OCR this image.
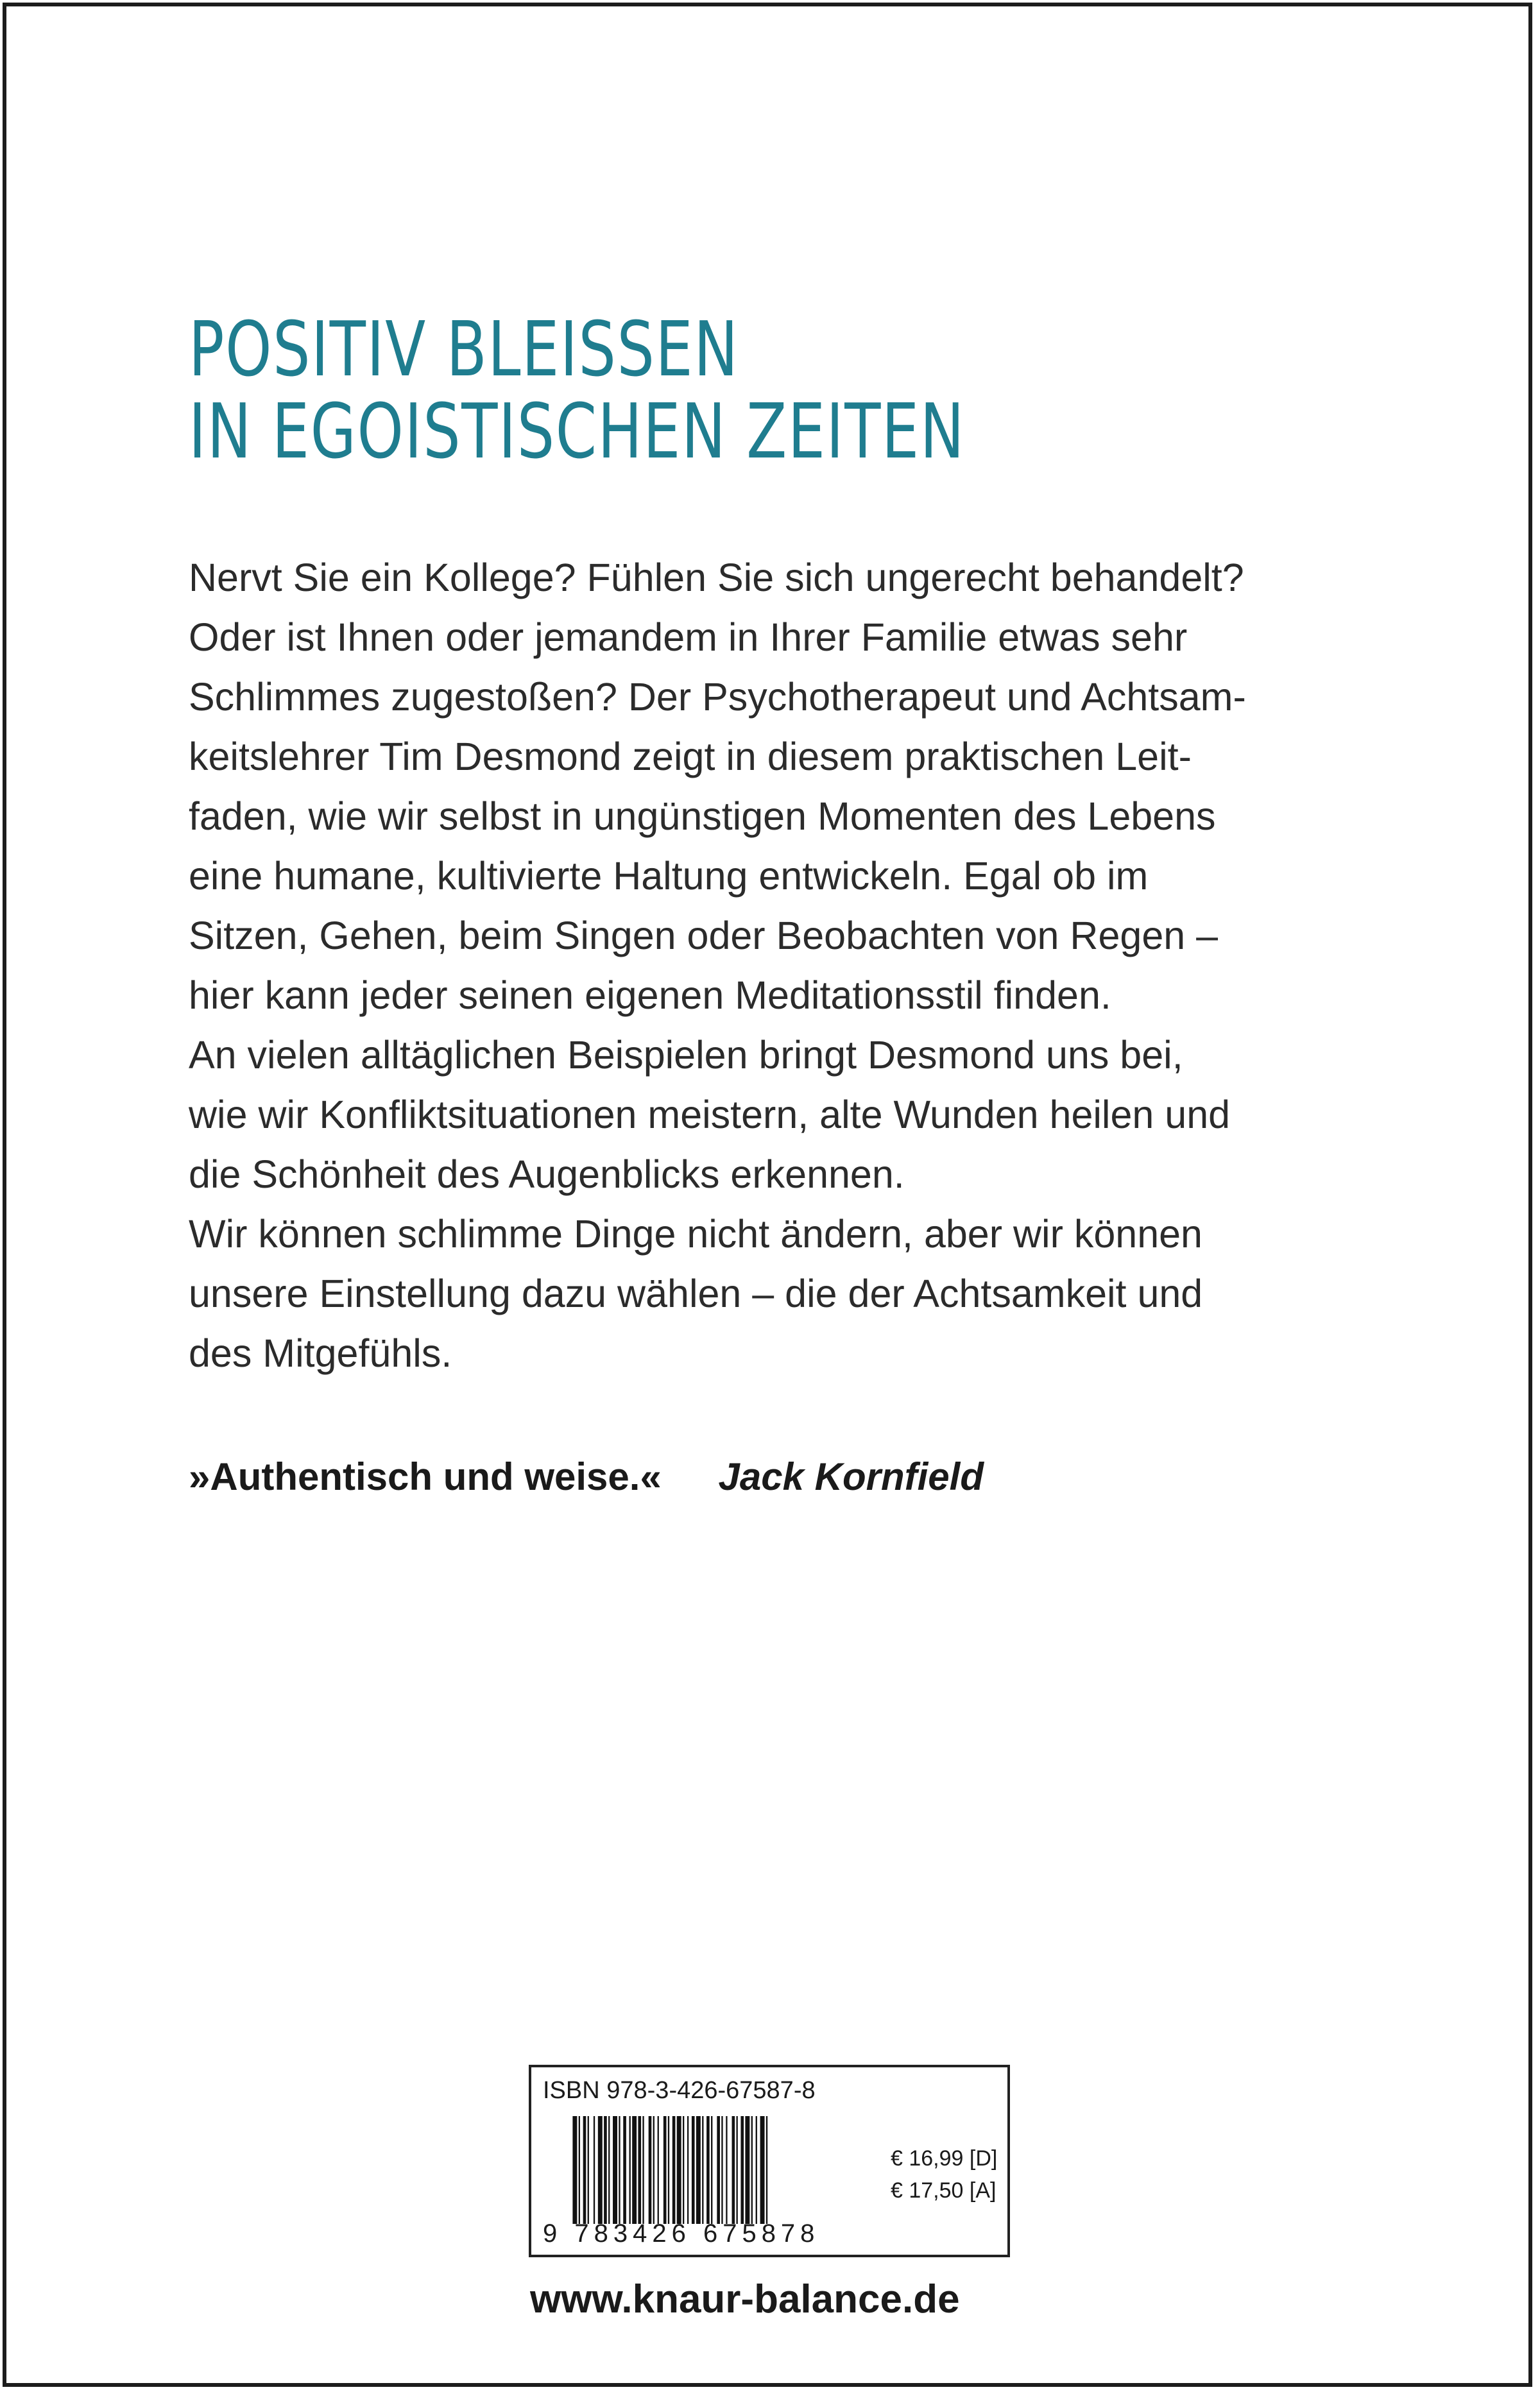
POSITIV BLEISSEN
IN EGOISTISCHEN ZEITEN
Nervt Sie ein Kollege? Fühlen Sie sich ungerecht behandelt?
Oder ist Ihnen oder jemandem in Ihrer Familie etwas sehr
Schlimmes zugestoßen? Der Psychotherapeut und Achtsam-
keitslehrer Tim Desmond zeigt in diesem praktischen Leit-
faden, wie wir selbst in ungünstigen Momenten des Lebens
eine humane, kultivierte Haltung entwickeln. Egal ob im
Sitzen, Gehen, beim Singen oder Beobachten von Regen –
hier kann jeder seinen eigenen Meditationsstil finden.
An vielen alltäglichen Beispielen bringt Desmond uns bei,
wie wir Konfliktsituationen meistern, alte Wunden heilen und
die Schönheit des Augenblicks erkennen.
Wir können schlimme Dinge nicht ändern, aber wir können
unsere Einstellung dazu wählen – die der Achtsamkeit und
des Mitgefühls.
»Authentisch und weise.« Jack Kornfield
ISBN 978-3-426-67587-8
9 783426 675878
€ 16,99 [D]
€ 17,50 [A]
www.knaur-balance.de
